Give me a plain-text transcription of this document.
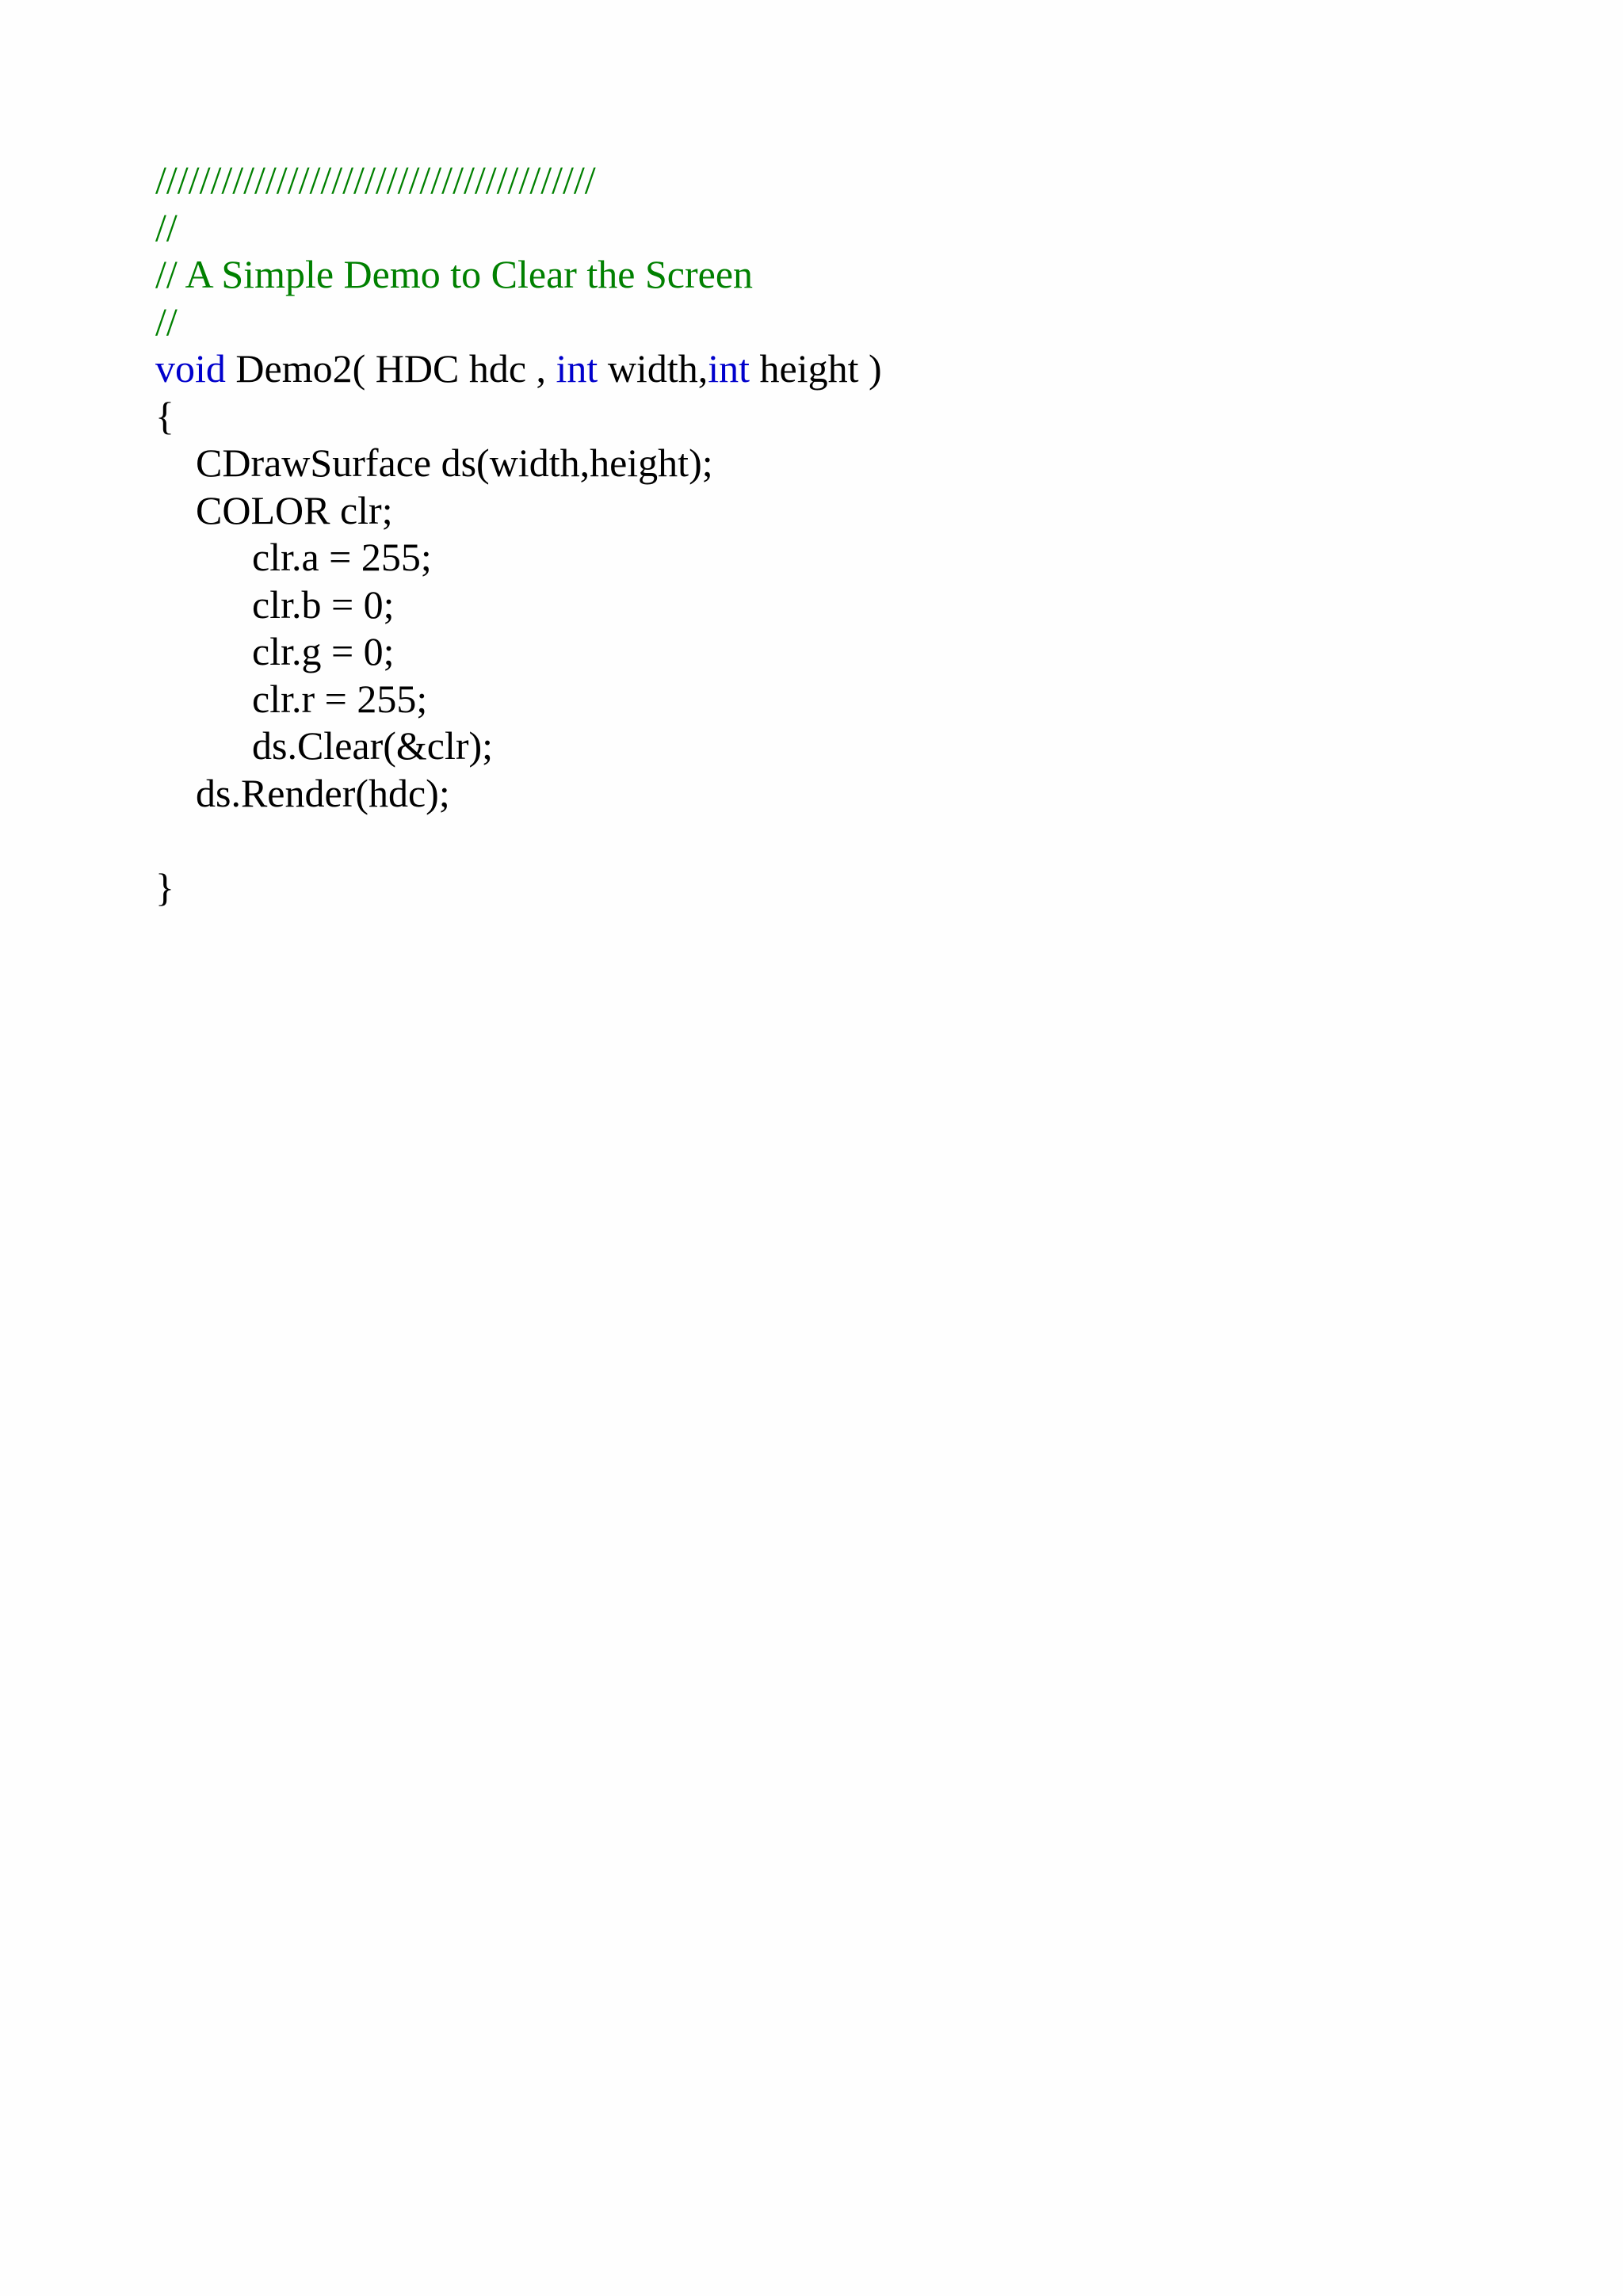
////////////////////////////////////////
//
// A Simple Demo to Clear the Screen
//
void Demo2( HDC hdc , int width,int height )
{
CDrawSurface ds(width,height);
COLOR clr;
clr.a = 255;
clr.b = 0;
clr.g = 0;
clr.r = 255;
ds.Clear(&clr);
ds.Render(hdc);
}
